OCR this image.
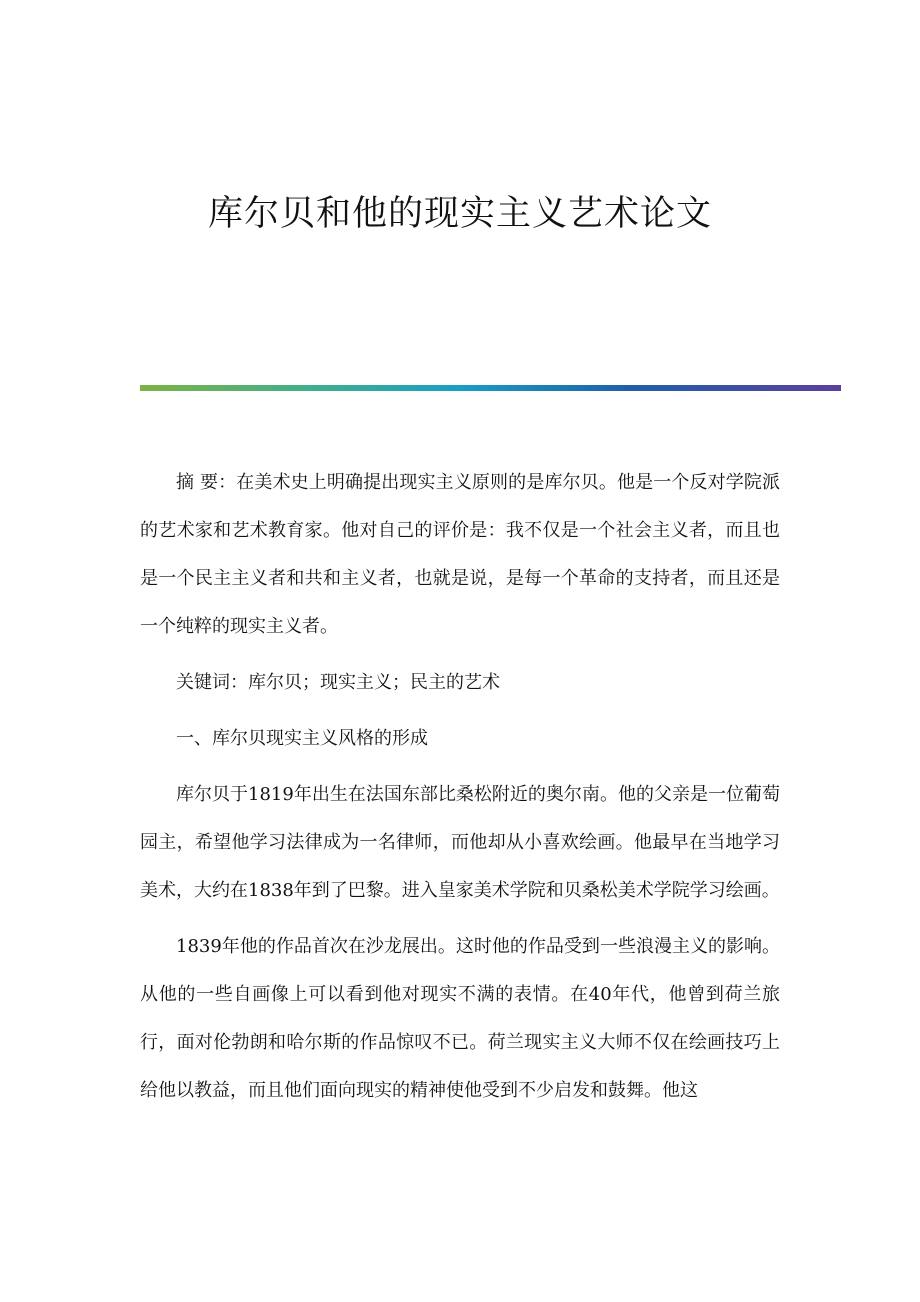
库尔贝和他的现实主义艺术论文

摘 要：在美术史上明确提出现实主义原则的是库尔贝。他是一个反对学院派的艺术家和艺术教育家。他对自己的评价是：我不仅是一个社会主义者，而且也是一个民主主义者和共和主义者，也就是说，是每一个革命的支持者，而且还是一个纯粹的现实主义者。

关键词：库尔贝；现实主义；民主的艺术

一、库尔贝现实主义风格的形成

库尔贝于1819年出生在法国东部比桑松附近的奥尔南。他的父亲是一位葡萄园主，希望他学习法律成为一名律师，而他却从小喜欢绘画。他最早在当地学习美术，大约在1838年到了巴黎。进入皇家美术学院和贝桑松美术学院学习绘画。

1839年他的作品首次在沙龙展出。这时他的作品受到一些浪漫主义的影响。从他的一些自画像上可以看到他对现实不满的表情。在40年代，他曾到荷兰旅行，面对伦勃朗和哈尔斯的作品惊叹不已。荷兰现实主义大师不仅在绘画技巧上给他以教益，而且他们面向现实的精神使他受到不少启发和鼓舞。他这
